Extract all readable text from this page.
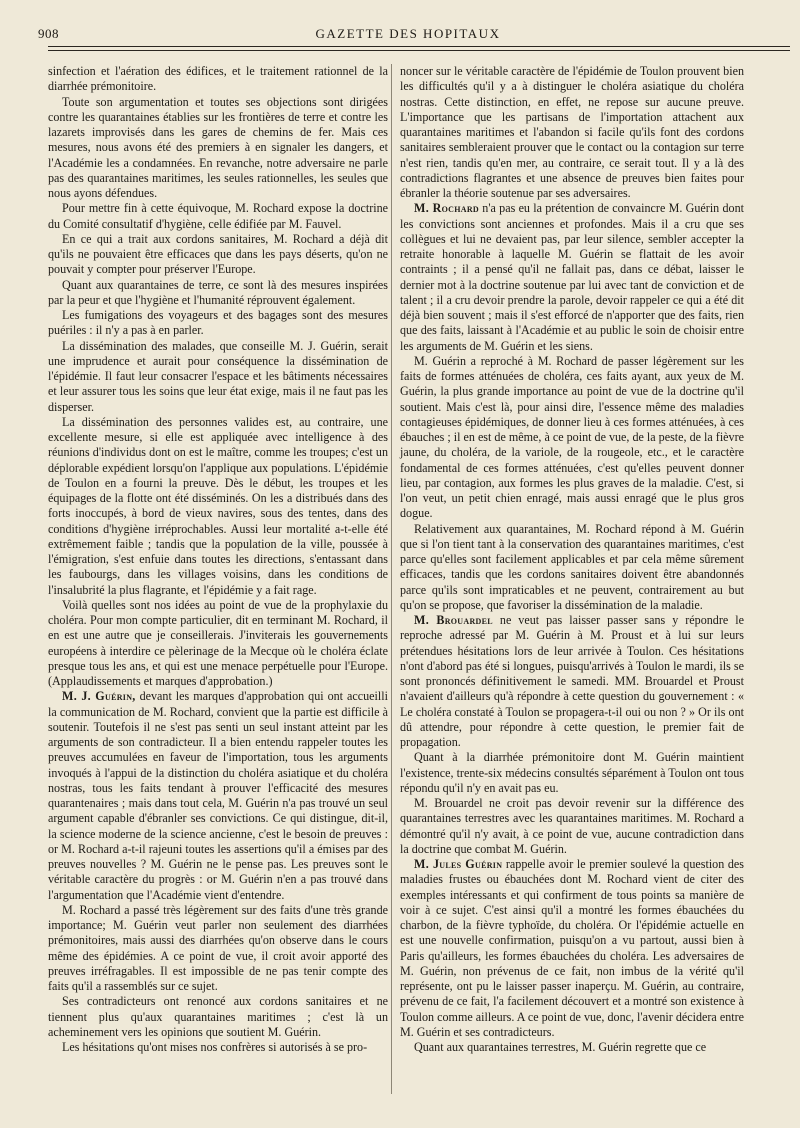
908	GAZETTE DES HOPITAUX

sinfection et l'aération des édifices, et le traitement rationnel de la diarrhée prémonitoire.

Toute son argumentation et toutes ses objections sont dirigées contre les quarantaines établies sur les frontières de terre et contre les lazarets improvisés dans les gares de chemins de fer. Mais ces mesures, nous avons été des premiers à en signaler les dangers, et l'Académie les a condamnées. En revanche, notre adversaire ne parle pas des quarantaines maritimes, les seules rationnelles, les seules que nous ayons défendues.

Pour mettre fin à cette équivoque, M. Rochard expose la doctrine du Comité consultatif d'hygiène, celle édifiée par M. Fauvel.

En ce qui a trait aux cordons sanitaires, M. Rochard a déjà dit qu'ils ne pouvaient être efficaces que dans les pays déserts, qu'on ne pouvait y compter pour préserver l'Europe.

Quant aux quarantaines de terre, ce sont là des mesures inspirées par la peur et que l'hygiène et l'humanité réprouvent également.

Les fumigations des voyageurs et des bagages sont des mesures puériles : il n'y a pas à en parler.

La dissémination des malades, que conseille M. J. Guérin, serait une imprudence et aurait pour conséquence la dissémination de l'épidémie. Il faut leur consacrer l'espace et les bâtiments nécessaires et leur assurer tous les soins que leur état exige, mais il ne faut pas les disperser.

La dissémination des personnes valides est, au contraire, une excellente mesure, si elle est appliquée avec intelligence à des réunions d'individus dont on est le maître, comme les troupes; c'est un déplorable expédient lorsqu'on l'applique aux populations. L'épidémie de Toulon en a fourni la preuve. Dès le début, les troupes et les équipages de la flotte ont été disséminés. On les a distribués dans des forts inoccupés, à bord de vieux navires, sous des tentes, dans des conditions d'hygiène irréprochables. Aussi leur mortalité a-t-elle été extrêmement faible ; tandis que la population de la ville, poussée à l'émigration, s'est enfuie dans toutes les directions, s'entassant dans les faubourgs, dans les villages voisins, dans les conditions de l'insalubrité la plus flagrante, et l'épidémie y a fait rage.

Voilà quelles sont nos idées au point de vue de la prophylaxie du choléra. Pour mon compte particulier, dit en terminant M. Rochard, il en est une autre que je conseillerais. J'inviterais les gouvernements européens à interdire ce pèlerinage de la Mecque où le choléra éclate presque tous les ans, et qui est une menace perpétuelle pour l'Europe. (Applaudissements et marques d'approbation.)

M. J. Guérin, devant les marques d'approbation qui ont accueilli la communication de M. Rochard, convient que la partie est difficile à soutenir. Toutefois il ne s'est pas senti un seul instant atteint par les arguments de son contradicteur. Il a bien entendu rappeler toutes les preuves accumulées en faveur de l'importation, tous les arguments invoqués à l'appui de la distinction du choléra asiatique et du choléra nostras, tous les faits tendant à prouver l'efficacité des mesures quarantenaires ; mais dans tout cela, M. Guérin n'a pas trouvé un seul argument capable d'ébranler ses convictions. Ce qui distingue, dit-il, la science moderne de la science ancienne, c'est le besoin de preuves : or M. Rochard a-t-il rajeuni toutes les assertions qu'il a émises par des preuves nouvelles ? M. Guérin ne le pense pas. Les preuves sont le véritable caractère du progrès : or M. Guérin n'en a pas trouvé dans l'argumentation que l'Académie vient d'entendre.

M. Rochard a passé très légèrement sur des faits d'une très grande importance; M. Guérin veut parler non seulement des diarrhées prémonitoires, mais aussi des diarrhées qu'on observe dans le cours même des épidémies. A ce point de vue, il croit avoir apporté des preuves irréfragables. Il est impossible de ne pas tenir compte des faits qu'il a rassemblés sur ce sujet.

Ses contradicteurs ont renoncé aux cordons sanitaires et ne tiennent plus qu'aux quarantaines maritimes ; c'est là un acheminement vers les opinions que soutient M. Guérin.

Les hésitations qu'ont mises nos confrères si autorisés à se pro-

noncer sur le véritable caractère de l'épidémie de Toulon prouvent bien les difficultés qu'il y a à distinguer le choléra asiatique du choléra nostras. Cette distinction, en effet, ne repose sur aucune preuve. L'importance que les partisans de l'importation attachent aux quarantaines maritimes et l'abandon si facile qu'ils font des cordons sanitaires sembleraient prouver que le contact ou la contagion sur terre n'est rien, tandis qu'en mer, au contraire, ce serait tout. Il y a là des contradictions flagrantes et une absence de preuves bien faites pour ébranler la théorie soutenue par ses adversaires.

M. Rochard n'a pas eu la prétention de convaincre M. Guérin dont les convictions sont anciennes et profondes. Mais il a cru que ses collègues et lui ne devaient pas, par leur silence, sembler accepter la retraite honorable à laquelle M. Guérin se flattait de les avoir contraints ; il a pensé qu'il ne fallait pas, dans ce débat, laisser le dernier mot à la doctrine soutenue par lui avec tant de conviction et de talent ; il a cru devoir prendre la parole, devoir rappeler ce qui a été dit déjà bien souvent ; mais il s'est efforcé de n'apporter que des faits, rien que des faits, laissant à l'Académie et au public le soin de choisir entre les arguments de M. Guérin et les siens.

M. Guérin a reproché à M. Rochard de passer légèrement sur les faits de formes atténuées de choléra, ces faits ayant, aux yeux de M. Guérin, la plus grande importance au point de vue de la doctrine qu'il soutient. Mais c'est là, pour ainsi dire, l'essence même des maladies contagieuses épidémiques, de donner lieu à ces formes atténuées, à ces ébauches ; il en est de même, à ce point de vue, de la peste, de la fièvre jaune, du choléra, de la variole, de la rougeole, etc., et le caractère fondamental de ces formes atténuées, c'est qu'elles peuvent donner lieu, par contagion, aux formes les plus graves de la maladie. C'est, si l'on veut, un petit chien enragé, mais aussi enragé que le plus gros dogue.

Relativement aux quarantaines, M. Rochard répond à M. Guérin que si l'on tient tant à la conservation des quarantaines maritimes, c'est parce qu'elles sont facilement applicables et par cela même sûrement efficaces, tandis que les cordons sanitaires doivent être abandonnés parce qu'ils sont impraticables et ne peuvent, contrairement au but qu'on se propose, que favoriser la dissémination de la maladie.

M. Brouardel ne veut pas laisser passer sans y répondre le reproche adressé par M. Guérin à M. Proust et à lui sur leurs prétendues hésitations lors de leur arrivée à Toulon. Ces hésitations n'ont d'abord pas été si longues, puisqu'arrivés à Toulon le mardi, ils se sont prononcés définitivement le samedi. MM. Brouardel et Proust n'avaient d'ailleurs qu'à répondre à cette question du gouvernement : « Le choléra constaté à Toulon se propagera-t-il oui ou non ? » Or ils ont dû attendre, pour répondre à cette question, le premier fait de propagation.

Quant à la diarrhée prémonitoire dont M. Guérin maintient l'existence, trente-six médecins consultés séparément à Toulon ont tous répondu qu'il n'y en avait pas eu.

M. Brouardel ne croit pas devoir revenir sur la différence des quarantaines terrestres avec les quarantaines maritimes. M. Rochard a démontré qu'il n'y avait, à ce point de vue, aucune contradiction dans la doctrine que combat M. Guérin.

M. Jules Guérin rappelle avoir le premier soulevé la question des maladies frustes ou ébauchées dont M. Rochard vient de citer des exemples intéressants et qui confirment de tous points sa manière de voir à ce sujet. C'est ainsi qu'il a montré les formes ébauchées du charbon, de la fièvre typhoïde, du choléra. Or l'épidémie actuelle en est une nouvelle confirmation, puisqu'on a vu partout, aussi bien à Paris qu'ailleurs, les formes ébauchées du choléra. Les adversaires de M. Guérin, non prévenus de ce fait, non imbus de la vérité qu'il représente, ont pu le laisser passer inaperçu. M. Guérin, au contraire, prévenu de ce fait, l'a facilement découvert et a montré son existence à Toulon comme ailleurs. A ce point de vue, donc, l'avenir décidera entre M. Guérin et ses contradicteurs.

Quant aux quarantaines terrestres, M. Guérin regrette que ce
